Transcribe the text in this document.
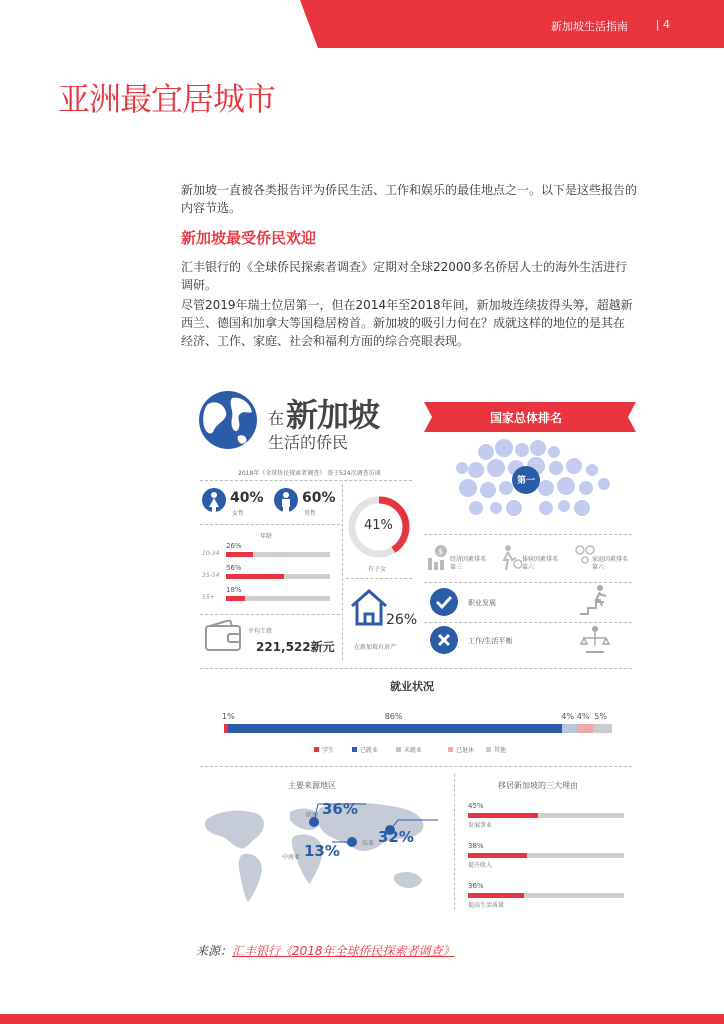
新加坡生活指南	| 4
亚洲最宜居城市
新加坡一直被各类报告评为侨民生活、工作和娱乐的最佳地点之一。以下是这些报告的
内容节选。
新加坡最受侨民欢迎
汇丰银行的《全球侨民探索者调查》定期对全球22000多名侨居人士的海外生活进行
调研。
尽管2019年瑞士位居第一，但在2014年至2018年间，新加坡连续拔得头筹，超越新
西兰、德国和加拿大等国稳居榜首。新加坡的吸引力何在？成就这样的地位的是其在
经济、工作、家庭、社会和福利方面的综合亮眼表现。
在 新加坡
生活的侨民
2018年《全球侨民探索者调查》 基于524次调查访谈
40%
女性
60%
男性
年龄
10-34
26%
35-54
56%
55+
18%
平均工资
221,522新元
41%
有子女
26%
在新加坡有房产
国家总体排名
第一
$
经济因素排名
第三
体验因素排名
第六
家庭因素排名
第六
职业发展
工作/生活平衡
就业状况
1%	86%	4% 4% 5%
学生	已就业	未就业	已退休	其他
主要来源地区
欧洲 36%
东亚 32%
中南亚 13%
移居新加坡的三大理由
45%
发展事业
38%
提升收入
36%
提高生活质量
来源：汇丰银行《2018年全球侨民探索者调查》
